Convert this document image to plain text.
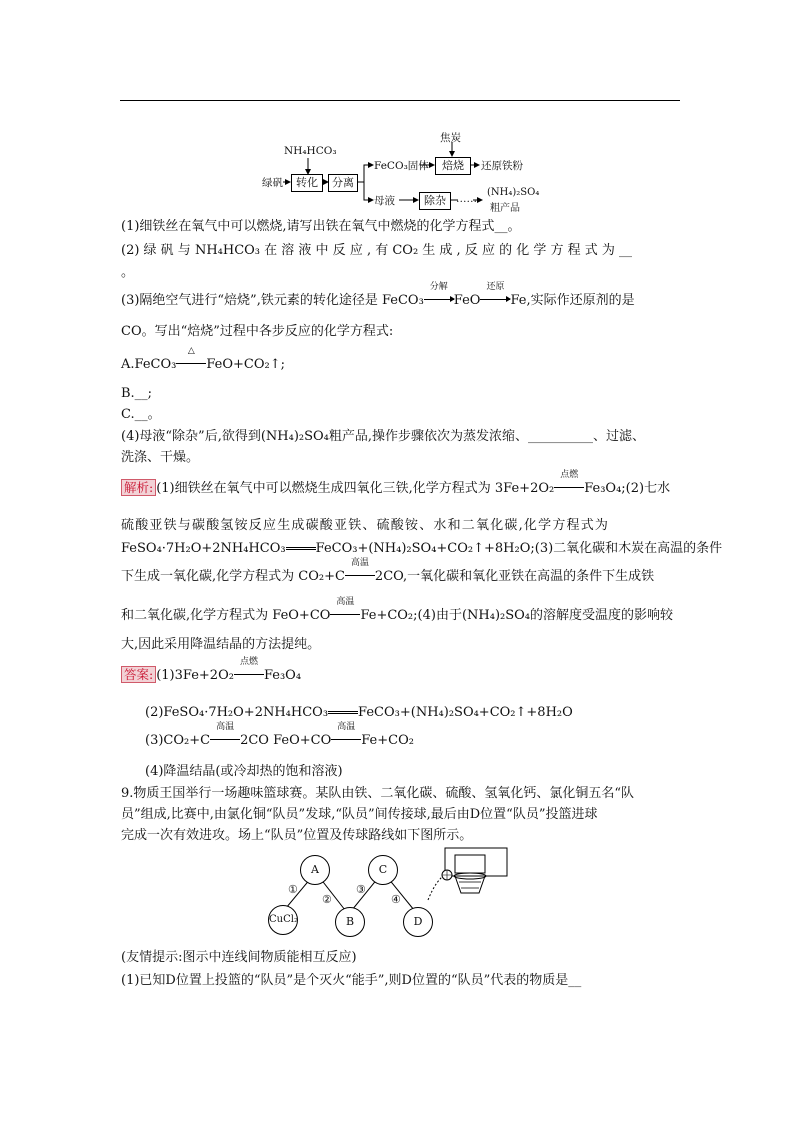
NH₄HCO₃
绿矾	转化	分离
FeCO₃固体
焦炭
焙烧	还原铁粉
母液	除杂 ……
(NH₄)₂SO₄
粗产品
(1)细铁丝在氧气中可以燃烧,请写出铁在氧气中燃烧的化学方程式__。
(2) 绿 矾 与 NH₄HCO₃ 在 溶 液 中 反 应 , 有 CO₂ 生 成 , 反 应 的 化 学 方 程 式 为 __
。
(3)隔绝空气进行“焙烧”,铁元素的转化途径是 FeCO₃
分解
FeO
还原
Fe,实际作还原剂的是
CO。写出“焙烧”过程中各步反应的化学方程式:
A.FeCO₃
△
FeO+CO₂↑;
B.__;
C.__。
(4)母液“除杂”后,欲得到(NH₄)₂SO₄粗产品,操作步骤依次为蒸发浓缩、__________、过滤、
洗涤、干燥。
解析: (1)细铁丝在氧气中可以燃烧生成四氧化三铁,化学方程式为 3Fe+2O₂
点燃
Fe₃O₄;(2)七水
硫酸亚铁与碳酸氢铵反应生成碳酸亚铁、硫酸铵、水和二氧化碳,化学方程式为
FeSO₄·7H₂O+2NH₄HCO₃ FeCO₃+(NH₄)₂SO₄+CO₂↑+8H₂O;(3)二氧化碳和木炭在高温的条件
下生成一氧化碳,化学方程式为 CO₂+C
高温
2CO,一氧化碳和氧化亚铁在高温的条件下生成铁
和二氧化碳,化学方程式为 FeO+CO
高温
Fe+CO₂;(4)由于(NH₄)₂SO₄的溶解度受温度的影响较
大,因此采用降温结晶的方法提纯。
答案: (1)3Fe+2O₂
点燃
Fe₃O₄
(2)FeSO₄·7H₂O+2NH₄HCO₃ FeCO₃+(NH₄)₂SO₄+CO₂↑+8H₂O
(3)CO₂+C
高温
2CO FeO+CO
高温
Fe+CO₂
(4)降温结晶(或冷却热的饱和溶液)
9.物质王国举行一场趣味篮球赛。某队由铁、二氧化碳、硫酸、氢氧化钙、氯化铜五名“队
员”组成,比赛中,由氯化铜“队员”发球,“队员”间传接球,最后由D位置“队员”投篮进球
完成一次有效进攻。场上“队员”位置及传球路线如下图所示。
A	C
CuCl₂	B	D
①
②
③
④
(友情提示:图示中连线间物质能相互反应)
(1)已知D位置上投篮的“队员”是个灭火“能手”,则D位置的“队员”代表的物质是__
